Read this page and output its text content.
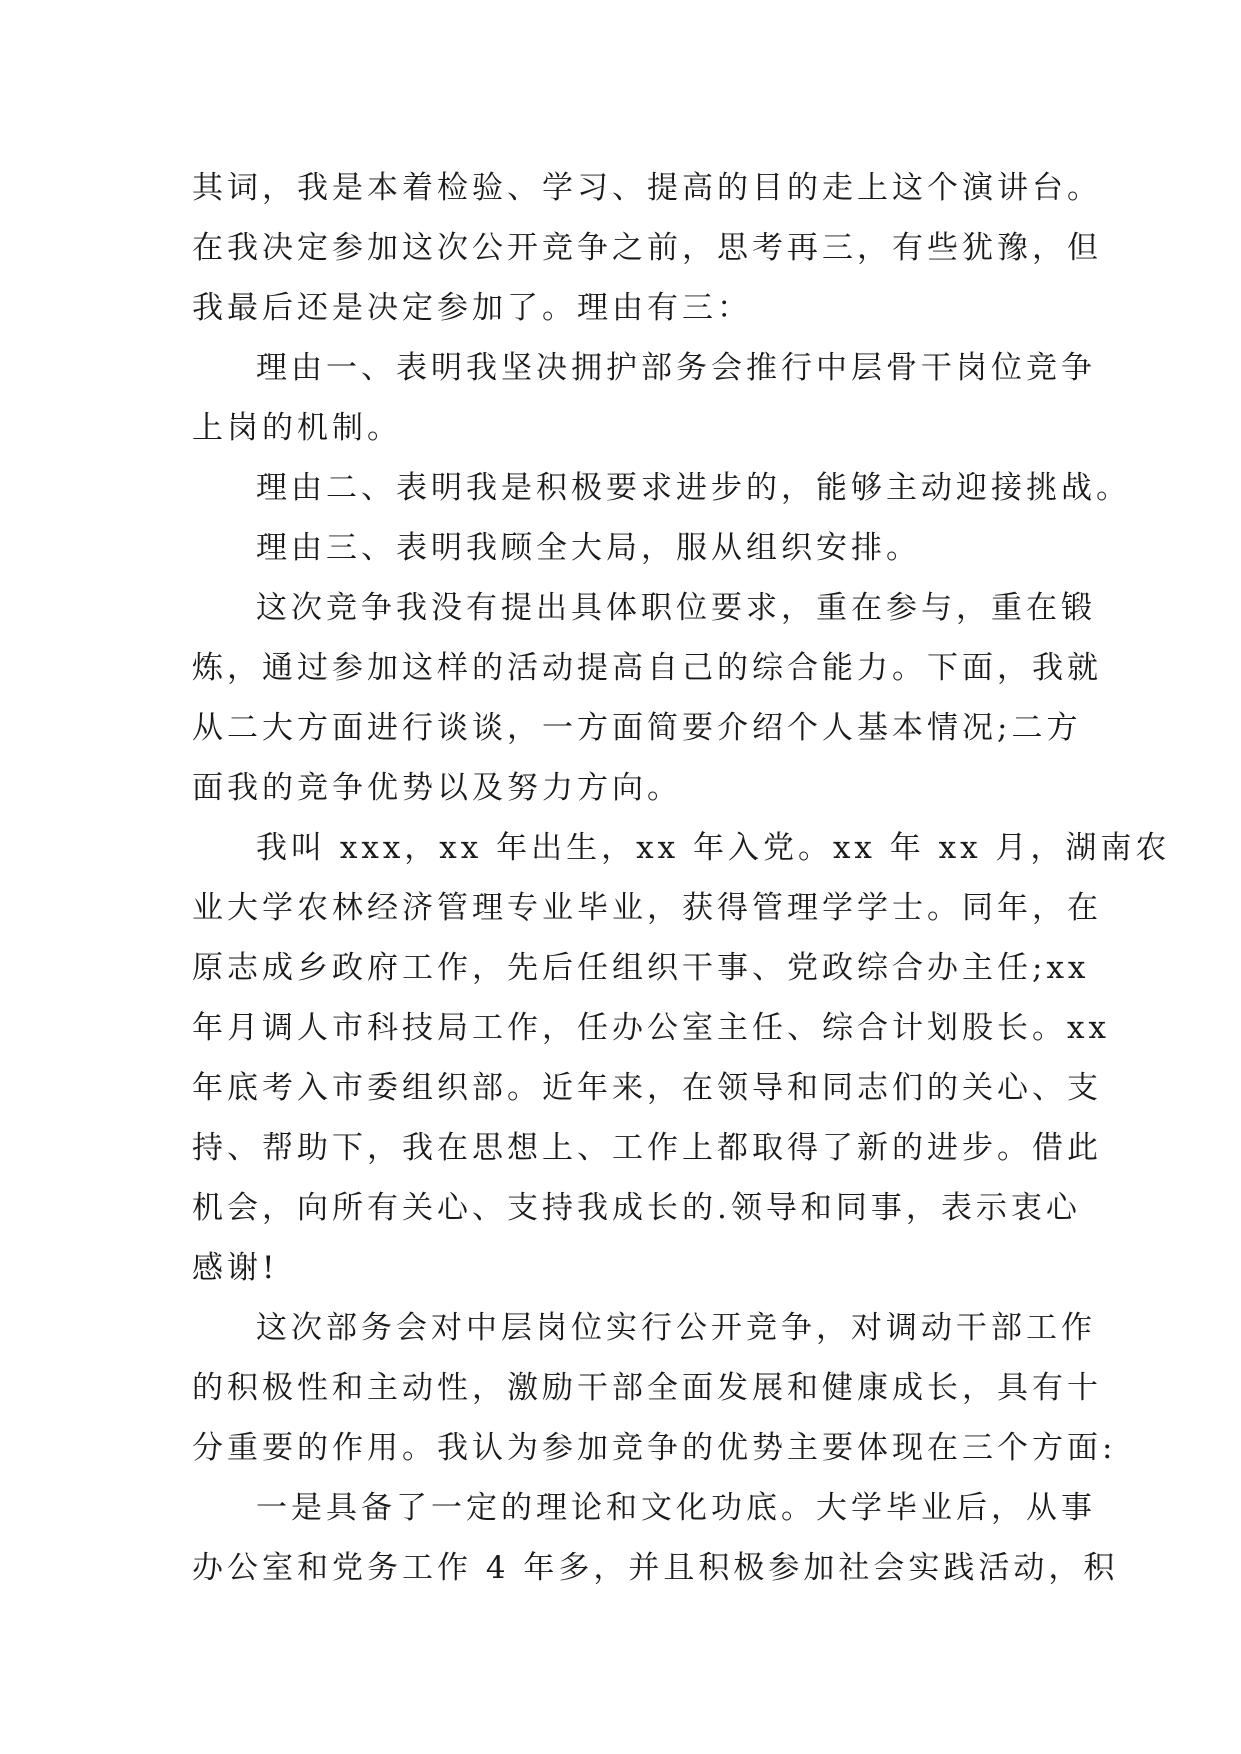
其词，我是本着检验、学习、提高的目的走上这个演讲台。
在我决定参加这次公开竞争之前，思考再三，有些犹豫，但
我最后还是决定参加了。理由有三：
理由一、表明我坚决拥护部务会推行中层骨干岗位竞争
上岗的机制。
理由二、表明我是积极要求进步的，能够主动迎接挑战。
理由三、表明我顾全大局，服从组织安排。
这次竞争我没有提出具体职位要求，重在参与，重在锻
炼，通过参加这样的活动提高自己的综合能力。下面，我就
从二大方面进行谈谈，一方面简要介绍个人基本情况;二方
面我的竞争优势以及努力方向。
我叫 xxx，xx 年出生，xx 年入党。xx 年 xx 月，湖南农
业大学农林经济管理专业毕业，获得管理学学士。同年，在
原志成乡政府工作，先后任组织干事、党政综合办主任;xx
年月调人市科技局工作，任办公室主任、综合计划股长。xx
年底考入市委组织部。近年来，在领导和同志们的关心、支
持、帮助下，我在思想上、工作上都取得了新的进步。借此
机会，向所有关心、支持我成长的.领导和同事，表示衷心
感谢!
这次部务会对中层岗位实行公开竞争，对调动干部工作
的积极性和主动性，激励干部全面发展和健康成长，具有十
分重要的作用。我认为参加竞争的优势主要体现在三个方面:
一是具备了一定的理论和文化功底。大学毕业后，从事
办公室和党务工作 4 年多，并且积极参加社会实践活动，积
